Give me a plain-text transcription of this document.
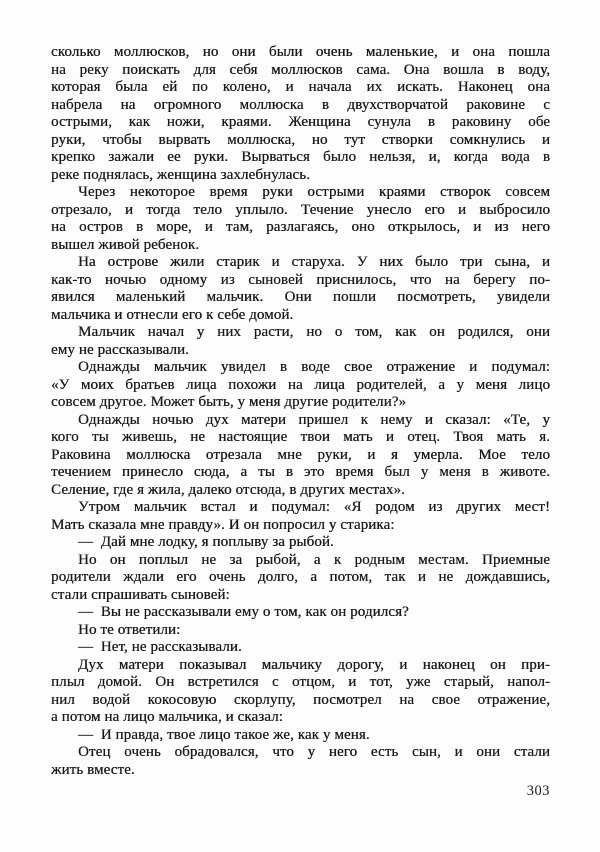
сколько моллюсков, но они были очень маленькие, и она пошла
на реку поискать для себя моллюсков сама. Она вошла в воду,
которая была ей по колено, и начала их искать. Наконец она
набрела на огромного моллюска в двухстворчатой раковине с
острыми, как ножи, краями. Женщина сунула в раковину обе
руки, чтобы вырвать моллюска, но тут створки сомкнулись и
крепко зажали ее руки. Вырваться было нельзя, и, когда вода в
реке поднялась, женщина захлебнулась.
Через некоторое время руки острыми краями створок совсем
отрезало, и тогда тело уплыло. Течение унесло его и выбросило
на остров в море, и там, разлагаясь, оно открылось, и из него
вышел живой ребенок.
На острове жили старик и старуха. У них было три сына, и
как-то ночью одному из сыновей приснилось, что на берегу по-
явился маленький мальчик. Они пошли посмотреть, увидели
мальчика и отнесли его к себе домой.
Мальчик начал у них расти, но о том, как он родился, они
ему не рассказывали.
Однажды мальчик увидел в воде свое отражение и подумал:
«У моих братьев лица похожи на лица родителей, а у меня лицо
совсем другое. Может быть, у меня другие родители?»
Однажды ночью дух матери пришел к нему и сказал: «Те, у
кого ты живешь, не настоящие твои мать и отец. Твоя мать я.
Раковина моллюска отрезала мне руки, и я умерла. Мое тело
течением принесло сюда, а ты в это время был у меня в животе.
Селение, где я жила, далеко отсюда, в других местах».
Утром мальчик встал и подумал: «Я родом из других мест!
Мать сказала мне правду». И он попросил у старика:
— Дай мне лодку, я поплыву за рыбой.
Но он поплыл не за рыбой, а к родным местам. Приемные
родители ждали его очень долго, а потом, так и не дождавшись,
стали спрашивать сыновей:
— Вы не рассказывали ему о том, как он родился?
Но те ответили:
— Нет, не рассказывали.
Дух матери показывал мальчику дорогу, и наконец он при-
плыл домой. Он встретился с отцом, и тот, уже старый, напол-
нил водой кокосовую скорлупу, посмотрел на свое отражение,
а потом на лицо мальчика, и сказал:
— И правда, твое лицо такое же, как у меня.
Отец очень обрадовался, что у него есть сын, и они стали
жить вместе.
303
